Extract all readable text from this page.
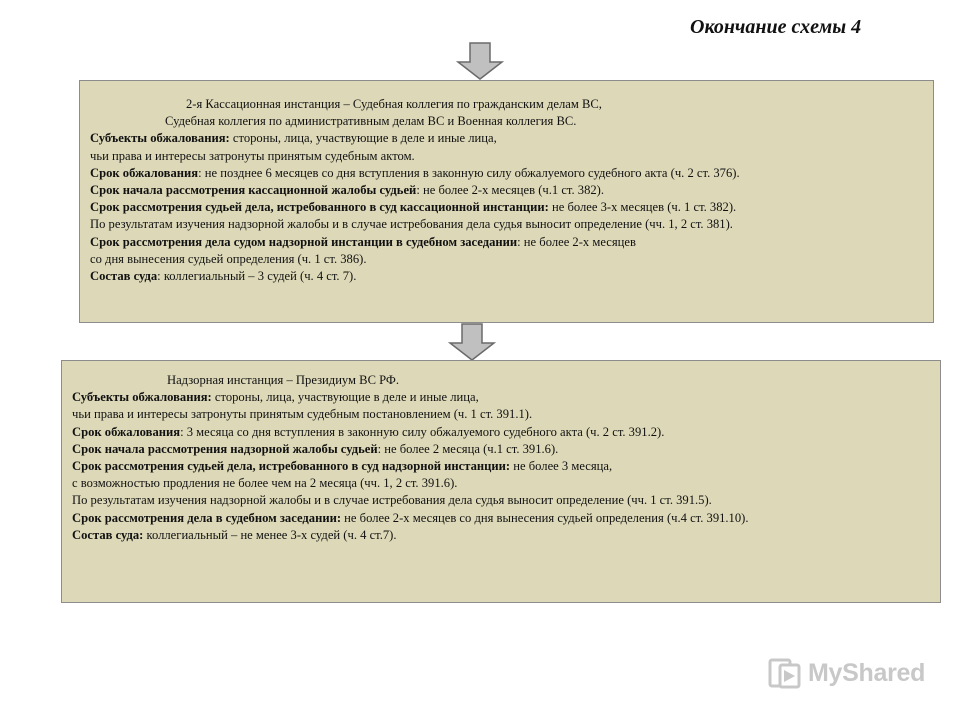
Окончание схемы 4
2-я Кассационная инстанция – Судебная коллегия по гражданским делам ВС,
Судебная коллегия по административным делам ВС и Военная коллегия ВС.
Субъекты обжалования: стороны, лица, участвующие в деле и иные лица,
чьи права и интересы затронуты принятым судебным актом.
Срок обжалования: не позднее 6 месяцев со дня вступления в законную силу обжалуемого судебного акта (ч. 2 ст. 376).
Срок начала рассмотрения кассационной жалобы судьей: не более 2-х месяцев (ч.1 ст. 382).
Срок рассмотрения судьей дела, истребованного в суд кассационной инстанции: не более 3-х месяцев (ч. 1 ст. 382).
По результатам изучения надзорной жалобы и в случае истребования дела судья выносит определение (чч. 1, 2 ст. 381).
Срок рассмотрения дела судом надзорной инстанции в судебном заседании: не более 2-х месяцев
со дня вынесения судьей определения (ч. 1 ст. 386).
Состав суда: коллегиальный – 3 судей (ч. 4 ст. 7).
Надзорная инстанция – Президиум ВС РФ.
Субъекты обжалования: стороны, лица, участвующие в деле и иные лица,
чьи права и интересы затронуты принятым судебным постановлением (ч. 1 ст. 391.1).
Срок обжалования: 3 месяца со дня вступления в законную силу обжалуемого судебного акта (ч. 2 ст. 391.2).
Срок начала рассмотрения надзорной жалобы судьей: не более 2 месяца (ч.1 ст. 391.6).
Срок рассмотрения судьей дела, истребованного в суд надзорной инстанции: не более 3 месяца,
с возможностью продления не более чем на 2 месяца (чч. 1, 2 ст. 391.6).
По результатам изучения надзорной жалобы и в случае истребования дела судья выносит определение (чч. 1 ст. 391.5).
Срок рассмотрения дела в судебном заседании: не более 2-х месяцев со дня вынесения судьей определения (ч.4 ст. 391.10).
Состав суда: коллегиальный – не менее 3-х судей (ч. 4 ст.7).
MyShared
